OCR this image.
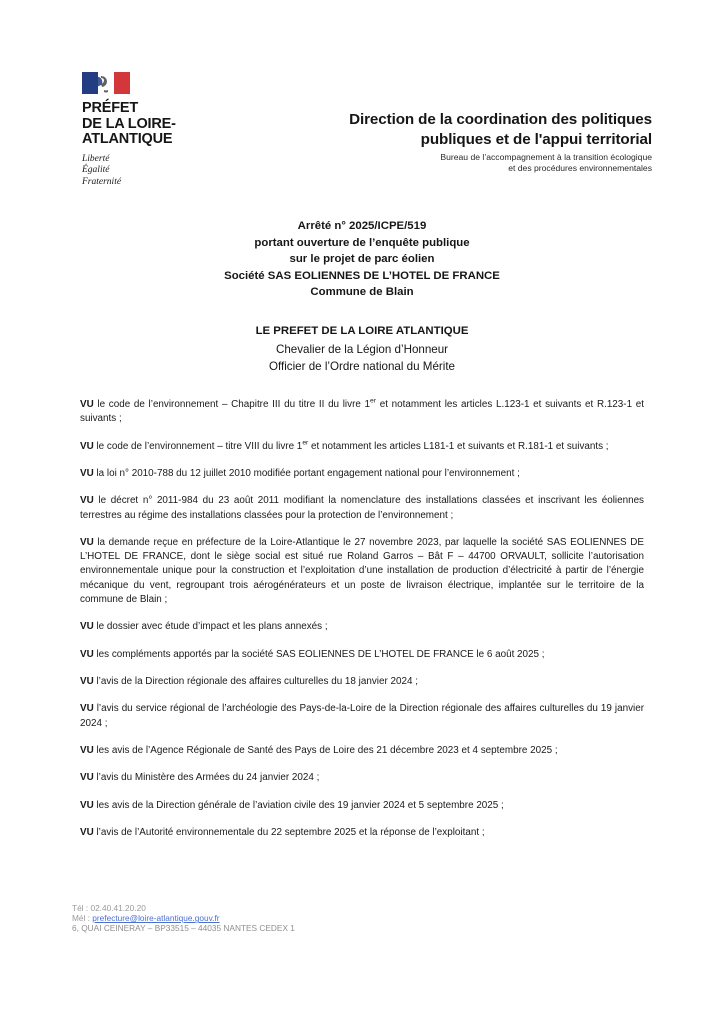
PRÉFET
DE LA LOIRE-
ATLANTIQUE
Liberté
Égalité
Fraternité
Direction de la coordination des politiques
publiques et de l'appui territorial
Bureau de l’accompagnement à la transition écologique
et des procédures environnementales
Arrêté n° 2025/ICPE/519
portant ouverture de l’enquête publique
sur le projet de parc éolien
Société SAS EOLIENNES DE L’HOTEL DE FRANCE
Commune de Blain
LE PREFET DE LA LOIRE ATLANTIQUE
Chevalier de la Légion d’Honneur
Officier de l’Ordre national du Mérite

VU le code de l’environnement – Chapitre III du titre II du livre 1er et notamment les articles L.123-1 et suivants et R.123-1 et suivants ;

VU le code de l’environnement – titre VIII du livre 1er et notamment les articles L181-1 et suivants et R.181-1 et suivants ;

VU la loi n° 2010-788 du 12 juillet 2010 modifiée portant engagement national pour l’environnement ;

VU le décret n° 2011-984 du 23 août 2011 modifiant la nomenclature des installations classées et inscrivant les éoliennes terrestres au régime des installations classées pour la protection de l’environnement ;

VU la demande reçue en préfecture de la Loire-Atlantique le 27 novembre 2023, par laquelle la société SAS EOLIENNES DE L’HOTEL DE FRANCE, dont le siège social est situé rue Roland Garros – Bât F – 44700 ORVAULT, sollicite l’autorisation environnementale unique pour la construction et l’exploitation d’une installation de production d’électricité à partir de l’énergie mécanique du vent, regroupant trois aérogénérateurs et un poste de livraison électrique, implantée sur le territoire de la commune de Blain ;

VU le dossier avec étude d’impact et les plans annexés ;

VU les compléments apportés par la société SAS EOLIENNES DE L’HOTEL DE FRANCE le 6 août 2025 ;

VU l’avis de la Direction régionale des affaires culturelles du 18 janvier 2024 ;

VU l’avis du service régional de l’archéologie des Pays-de-la-Loire de la Direction régionale des affaires culturelles du 19 janvier 2024 ;

VU les avis de l’Agence Régionale de Santé des Pays de Loire des 21 décembre 2023 et 4 septembre 2025 ;

VU l’avis du Ministère des Armées du 24 janvier 2024 ;

VU les avis de la Direction générale de l’aviation civile des 19 janvier 2024 et 5 septembre 2025 ;

VU l’avis de l’Autorité environnementale du 22 septembre 2025 et la réponse de l’exploitant ;

Tél : 02.40.41.20.20
Mél : prefecture@loire-atlantique.gouv.fr
6, QUAI CEINERAY – BP33515 – 44035 NANTES CEDEX 1
